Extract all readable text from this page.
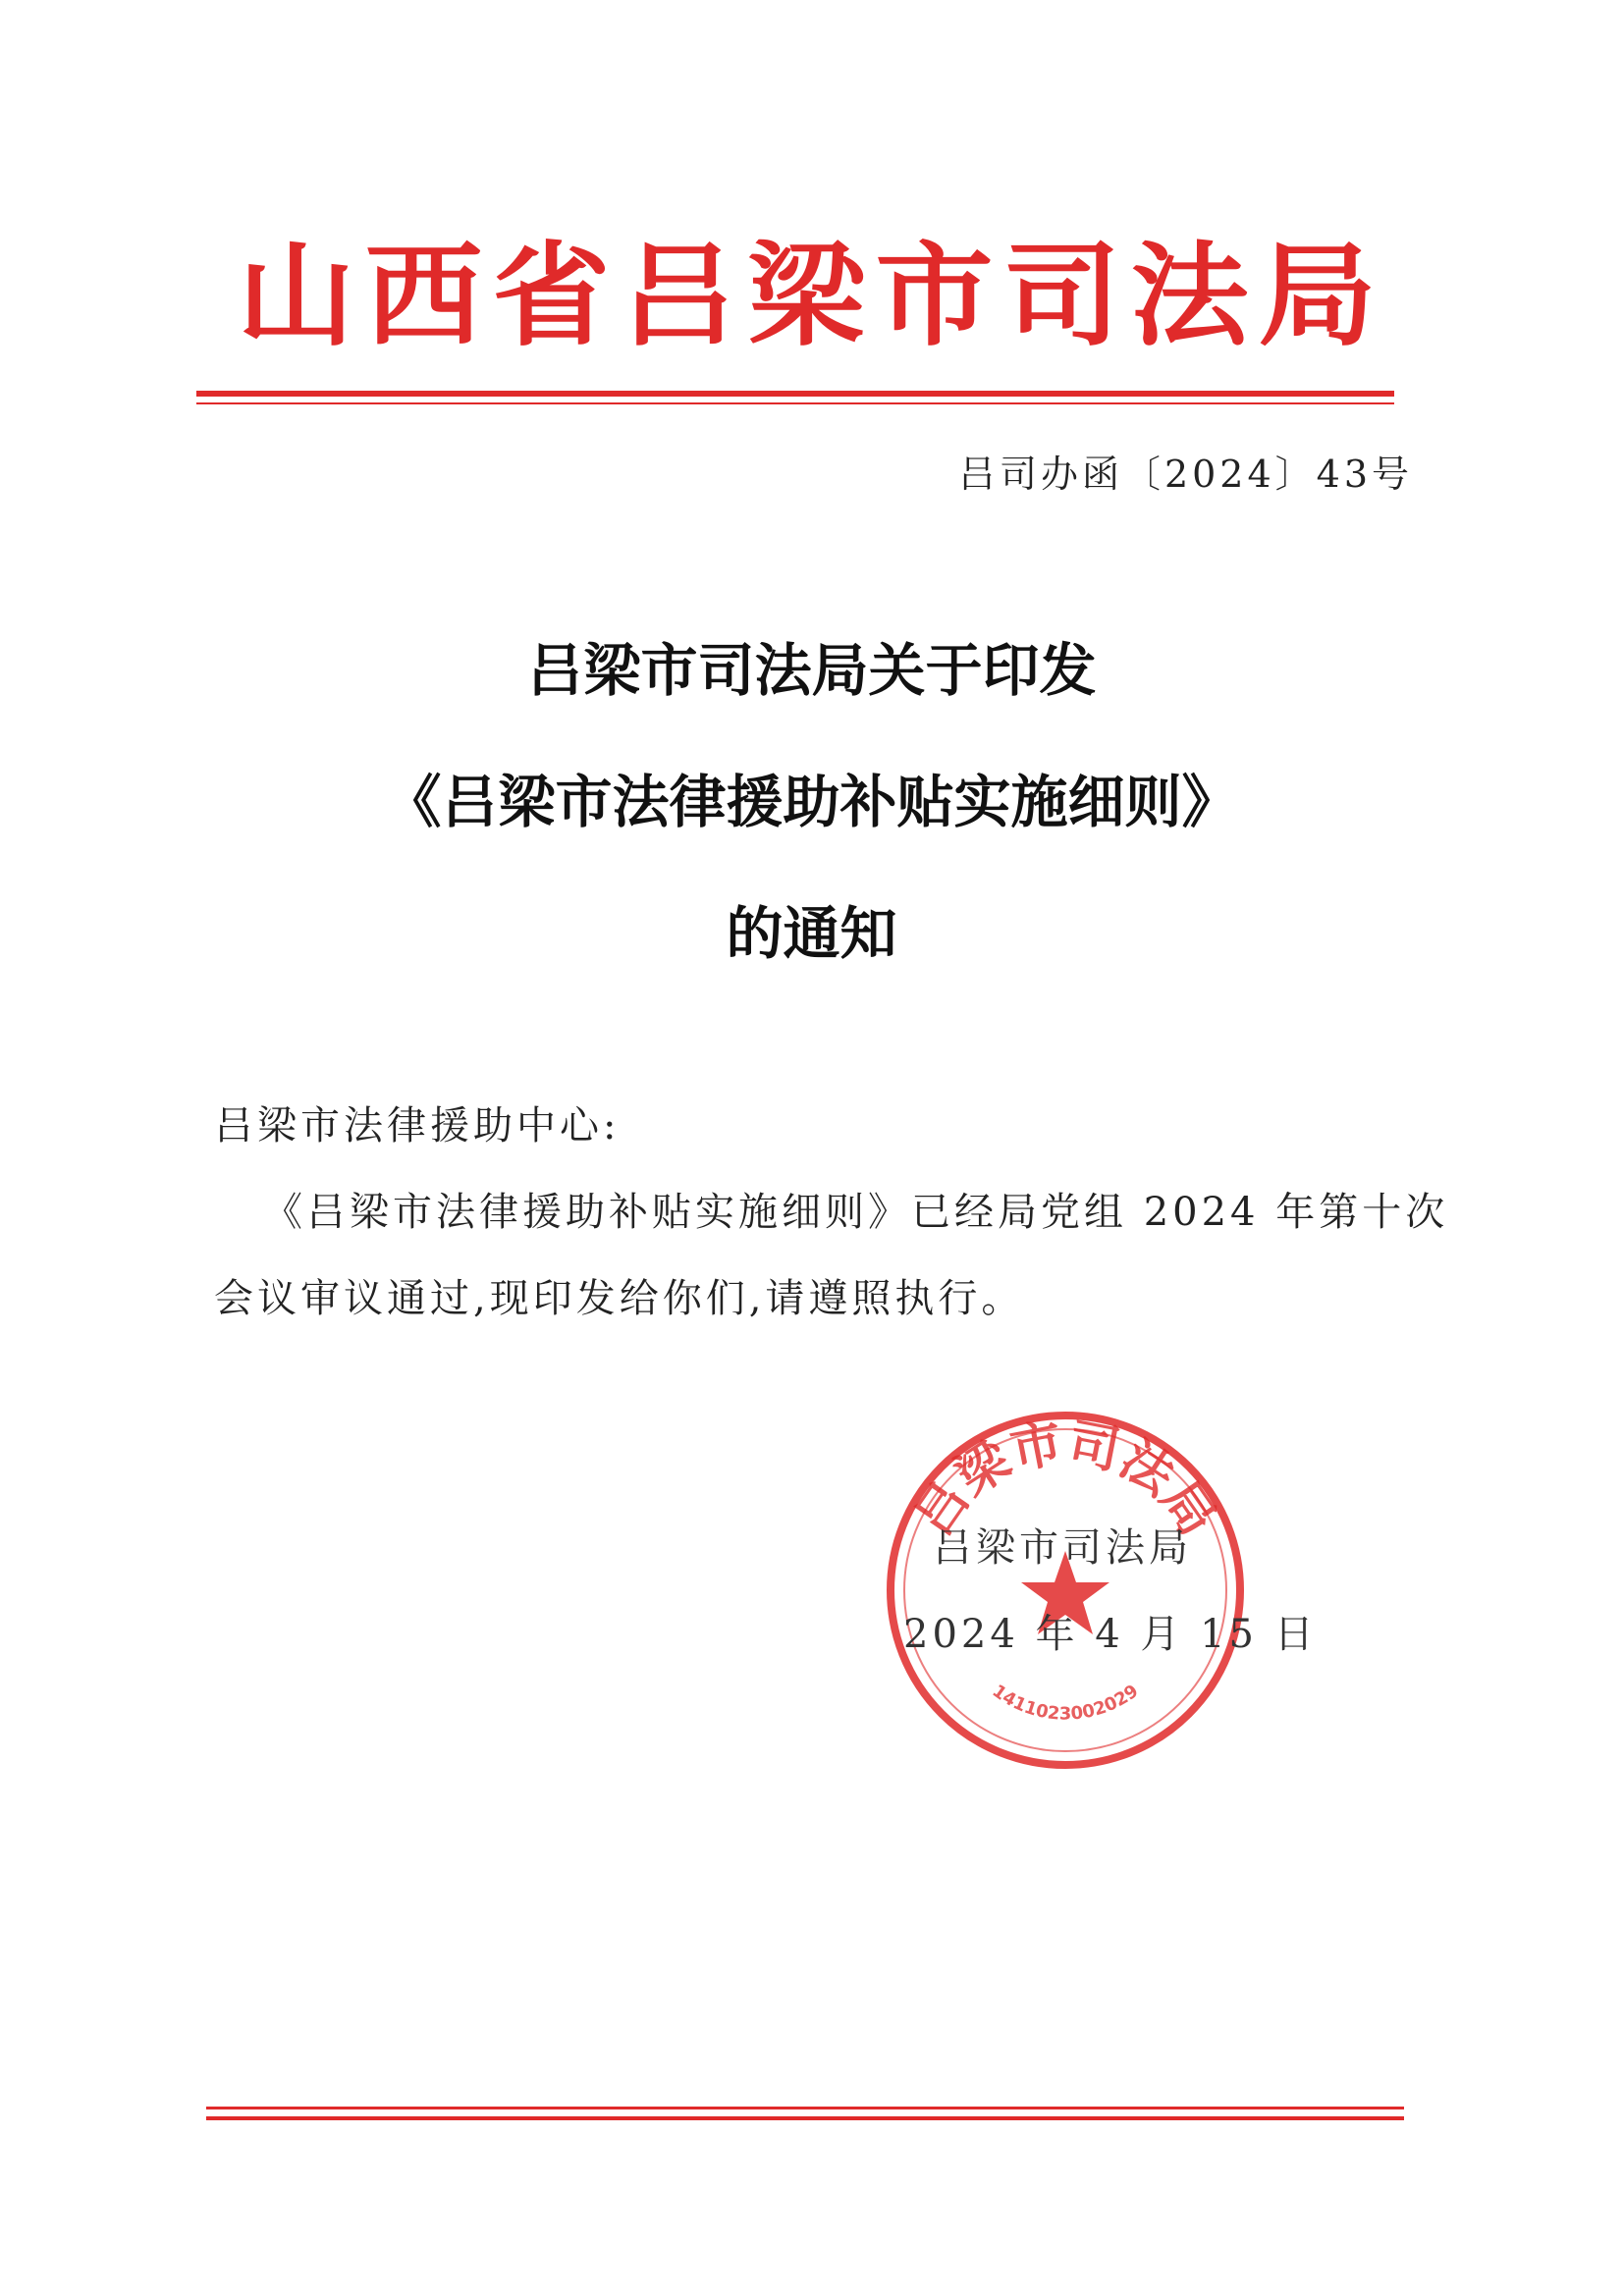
山西省吕梁市司法局
吕司办函〔2024〕43号
吕梁市司法局关于印发
《吕梁市法律援助补贴实施细则》
的通知
吕梁市法律援助中心:
《吕梁市法律援助补贴实施细则》已经局党组 2024 年第十次
会议审议通过,现印发给你们,请遵照执行。
吕梁市司法局
1411023002029
吕梁市司法局
2024 年 4 月 15 日
